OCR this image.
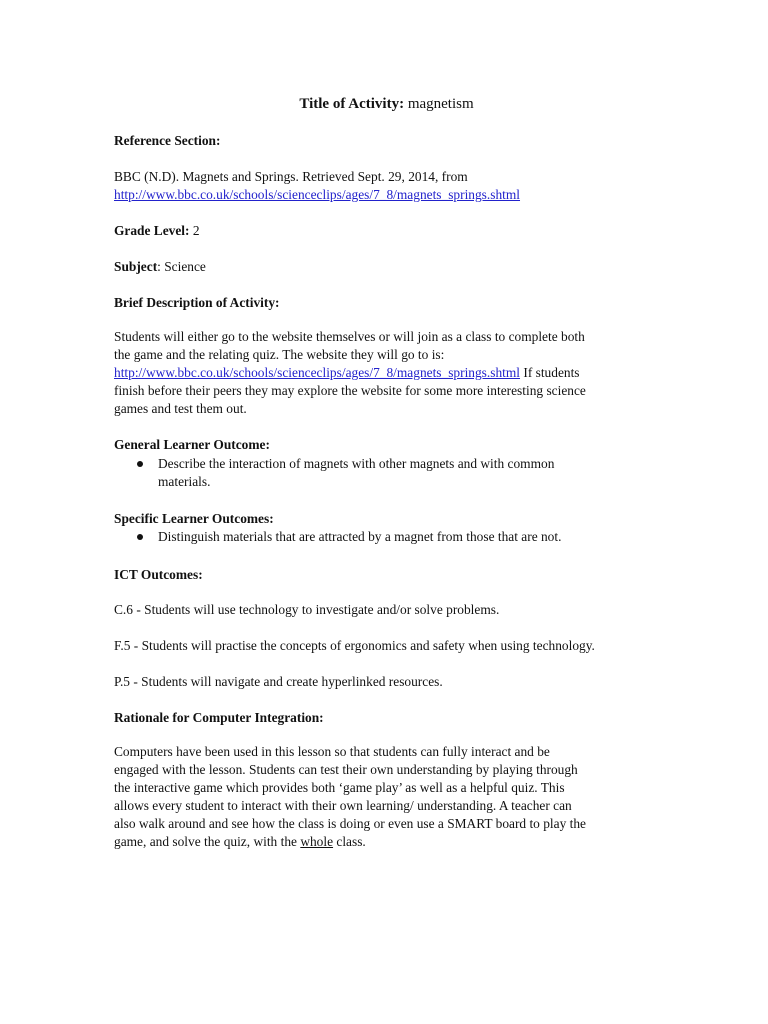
Title of Activity: magnetism
Reference Section:
BBC (N.D). Magnets and Springs. Retrieved Sept. 29, 2014, from
http://www.bbc.co.uk/schools/scienceclips/ages/7_8/magnets_springs.shtml
Grade Level: 2
Subject: Science
Brief Description of Activity:
Students will either go to the website themselves or will join as a class to complete both
the game and the relating quiz. The website they will go to is:
http://www.bbc.co.uk/schools/scienceclips/ages/7_8/magnets_springs.shtml If students
finish before their peers they may explore the website for some more interesting science
games and test them out.
General Learner Outcome:
Describe the interaction of magnets with other magnets and with common
materials.
Specific Learner Outcomes:
Distinguish materials that are attracted by a magnet from those that are not.
ICT Outcomes:
C.6 - Students will use technology to investigate and/or solve problems.
F.5 - Students will practise the concepts of ergonomics and safety when using technology.
P.5 - Students will navigate and create hyperlinked resources.
Rationale for Computer Integration:
Computers have been used in this lesson so that students can fully interact and be
engaged with the lesson. Students can test their own understanding by playing through
the interactive game which provides both ‘game play’ as well as a helpful quiz. This
allows every student to interact with their own learning/ understanding. A teacher can
also walk around and see how the class is doing or even use a SMART board to play the
game, and solve the quiz, with the whole class.
